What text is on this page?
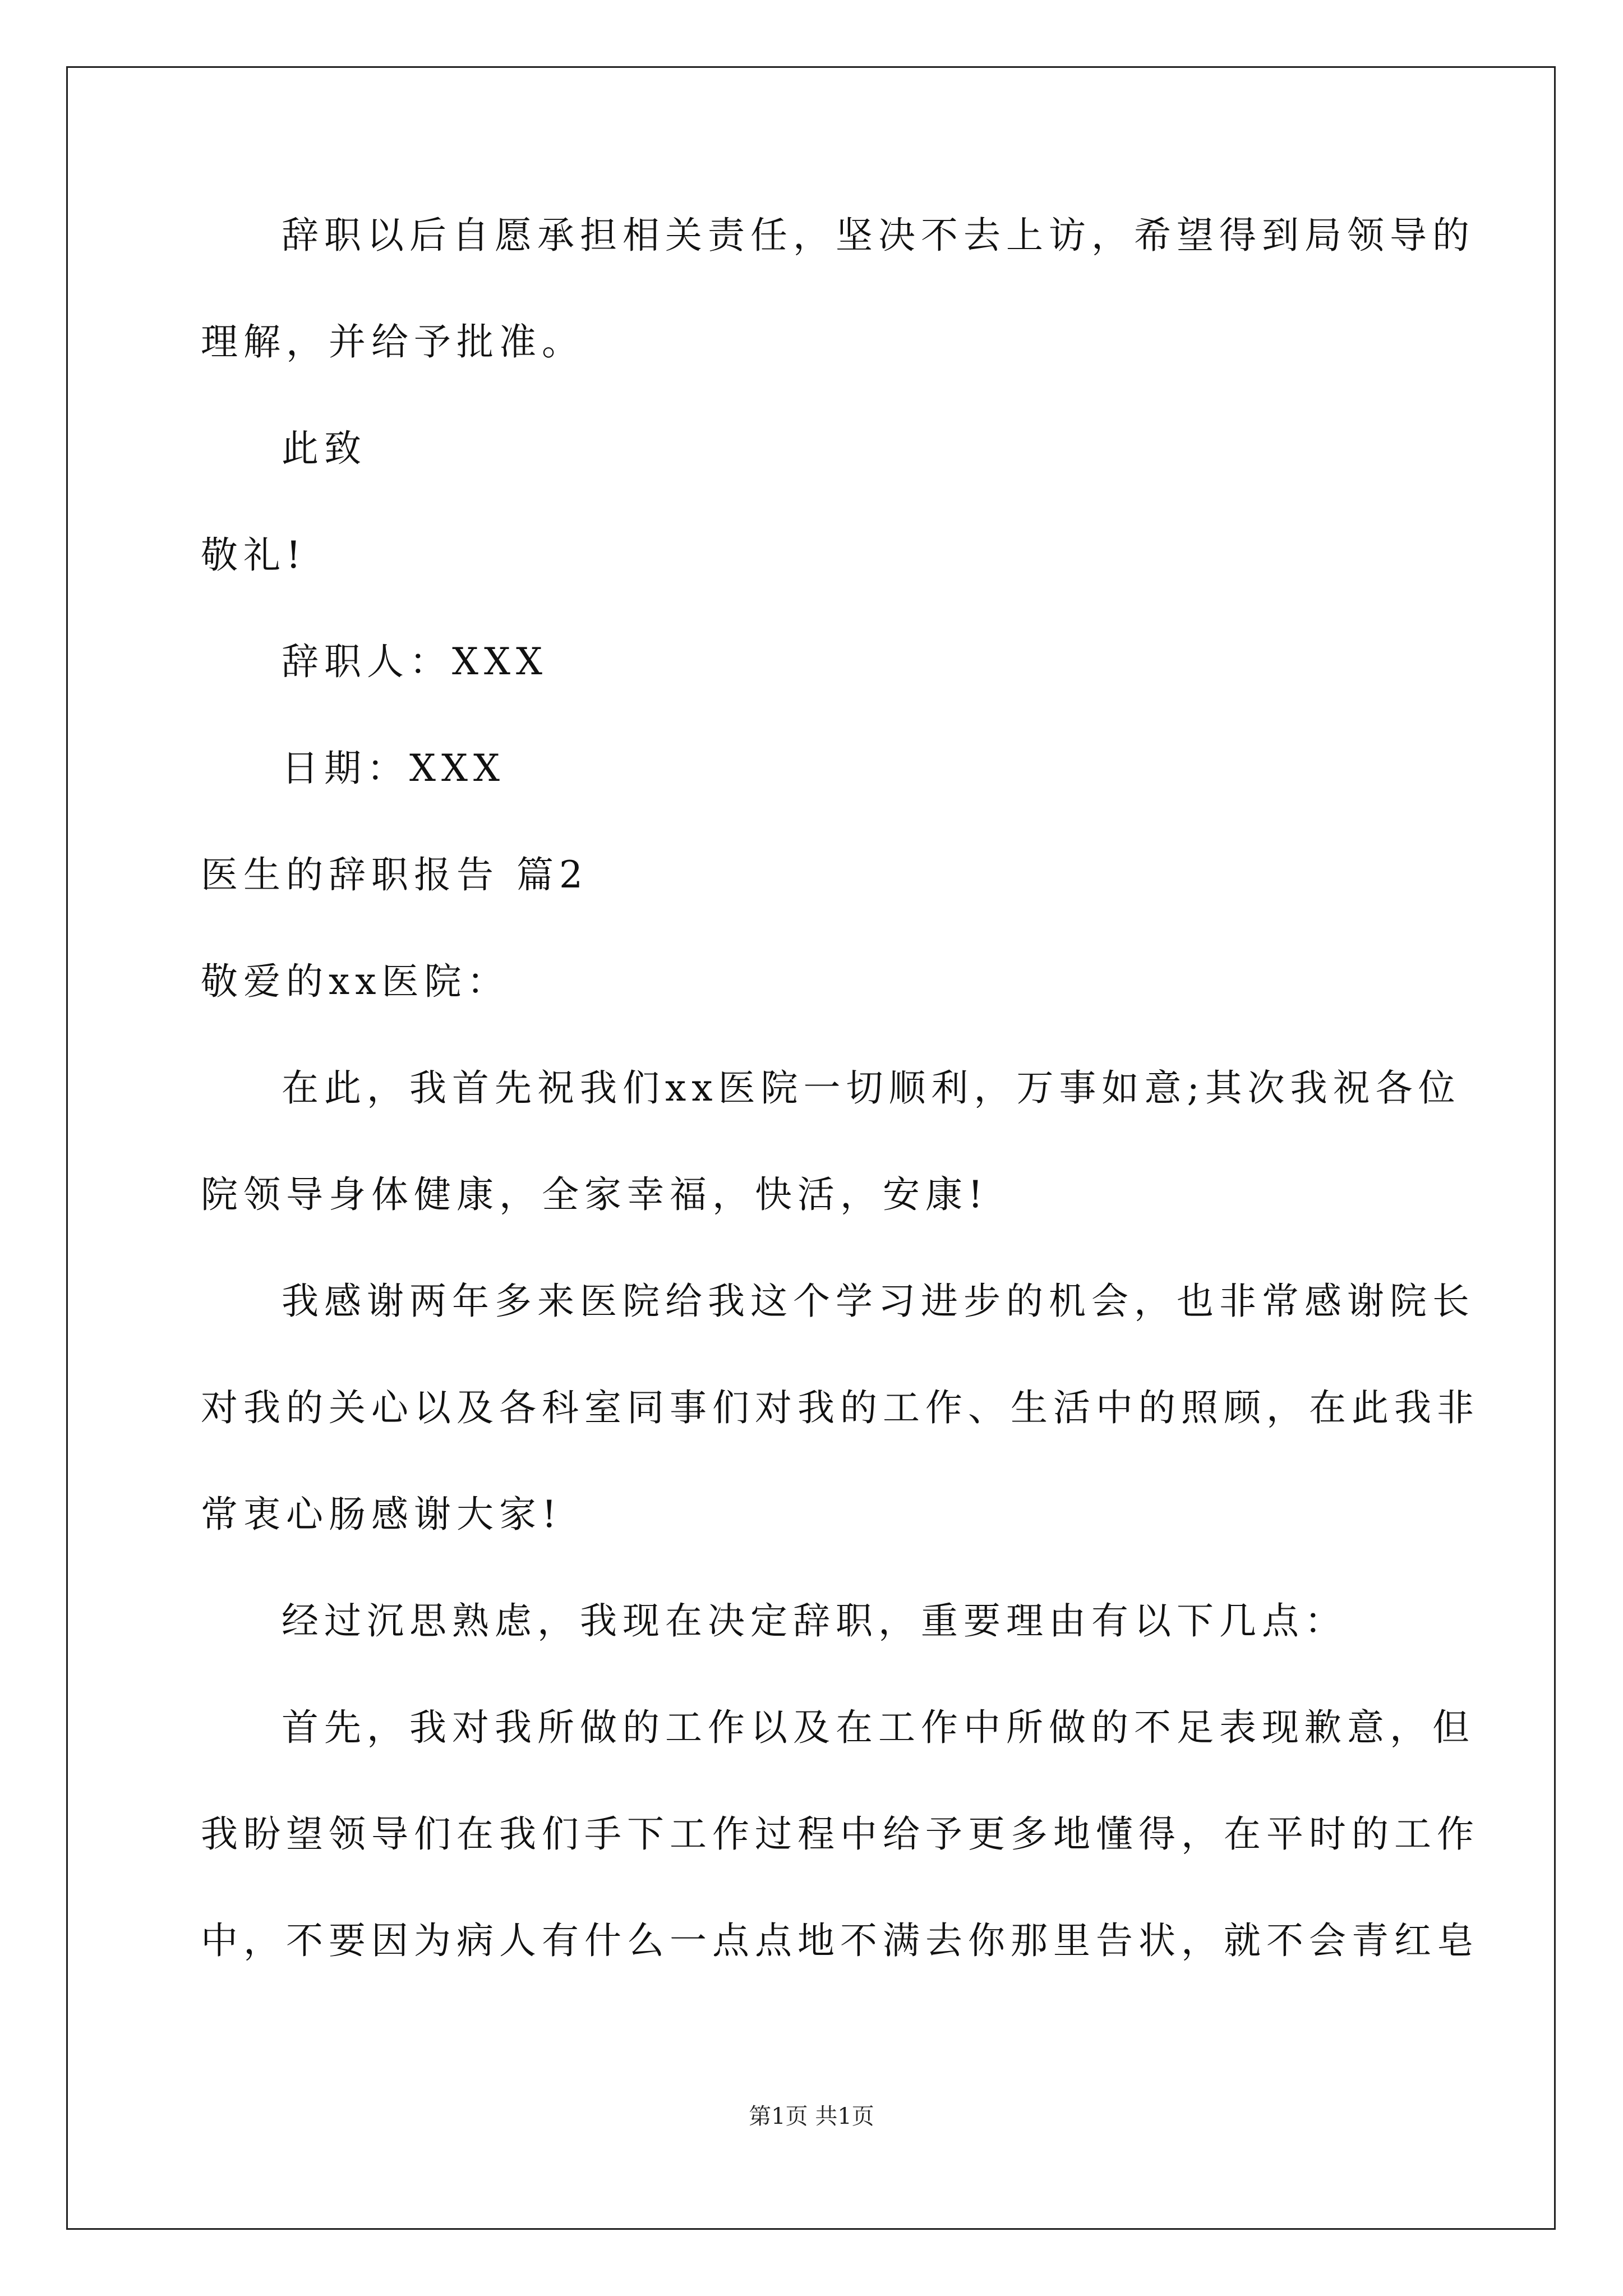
辞职以后自愿承担相关责任，坚决不去上访，希望得到局领导的
理解，并给予批准。
此致
敬礼!
辞职人：XXX
日期：XXX
医生的辞职报告 篇2
敬爱的xx医院：
在此，我首先祝我们xx医院一切顺利，万事如意;其次我祝各位
院领导身体健康，全家幸福，快活，安康!
我感谢两年多来医院给我这个学习进步的机会，也非常感谢院长
对我的关心以及各科室同事们对我的工作、生活中的照顾，在此我非
常衷心肠感谢大家!
经过沉思熟虑，我现在决定辞职，重要理由有以下几点：
首先，我对我所做的工作以及在工作中所做的不足表现歉意，但
我盼望领导们在我们手下工作过程中给予更多地懂得，在平时的工作
中，不要因为病人有什么一点点地不满去你那里告状，就不会青红皂
第1页 共1页
